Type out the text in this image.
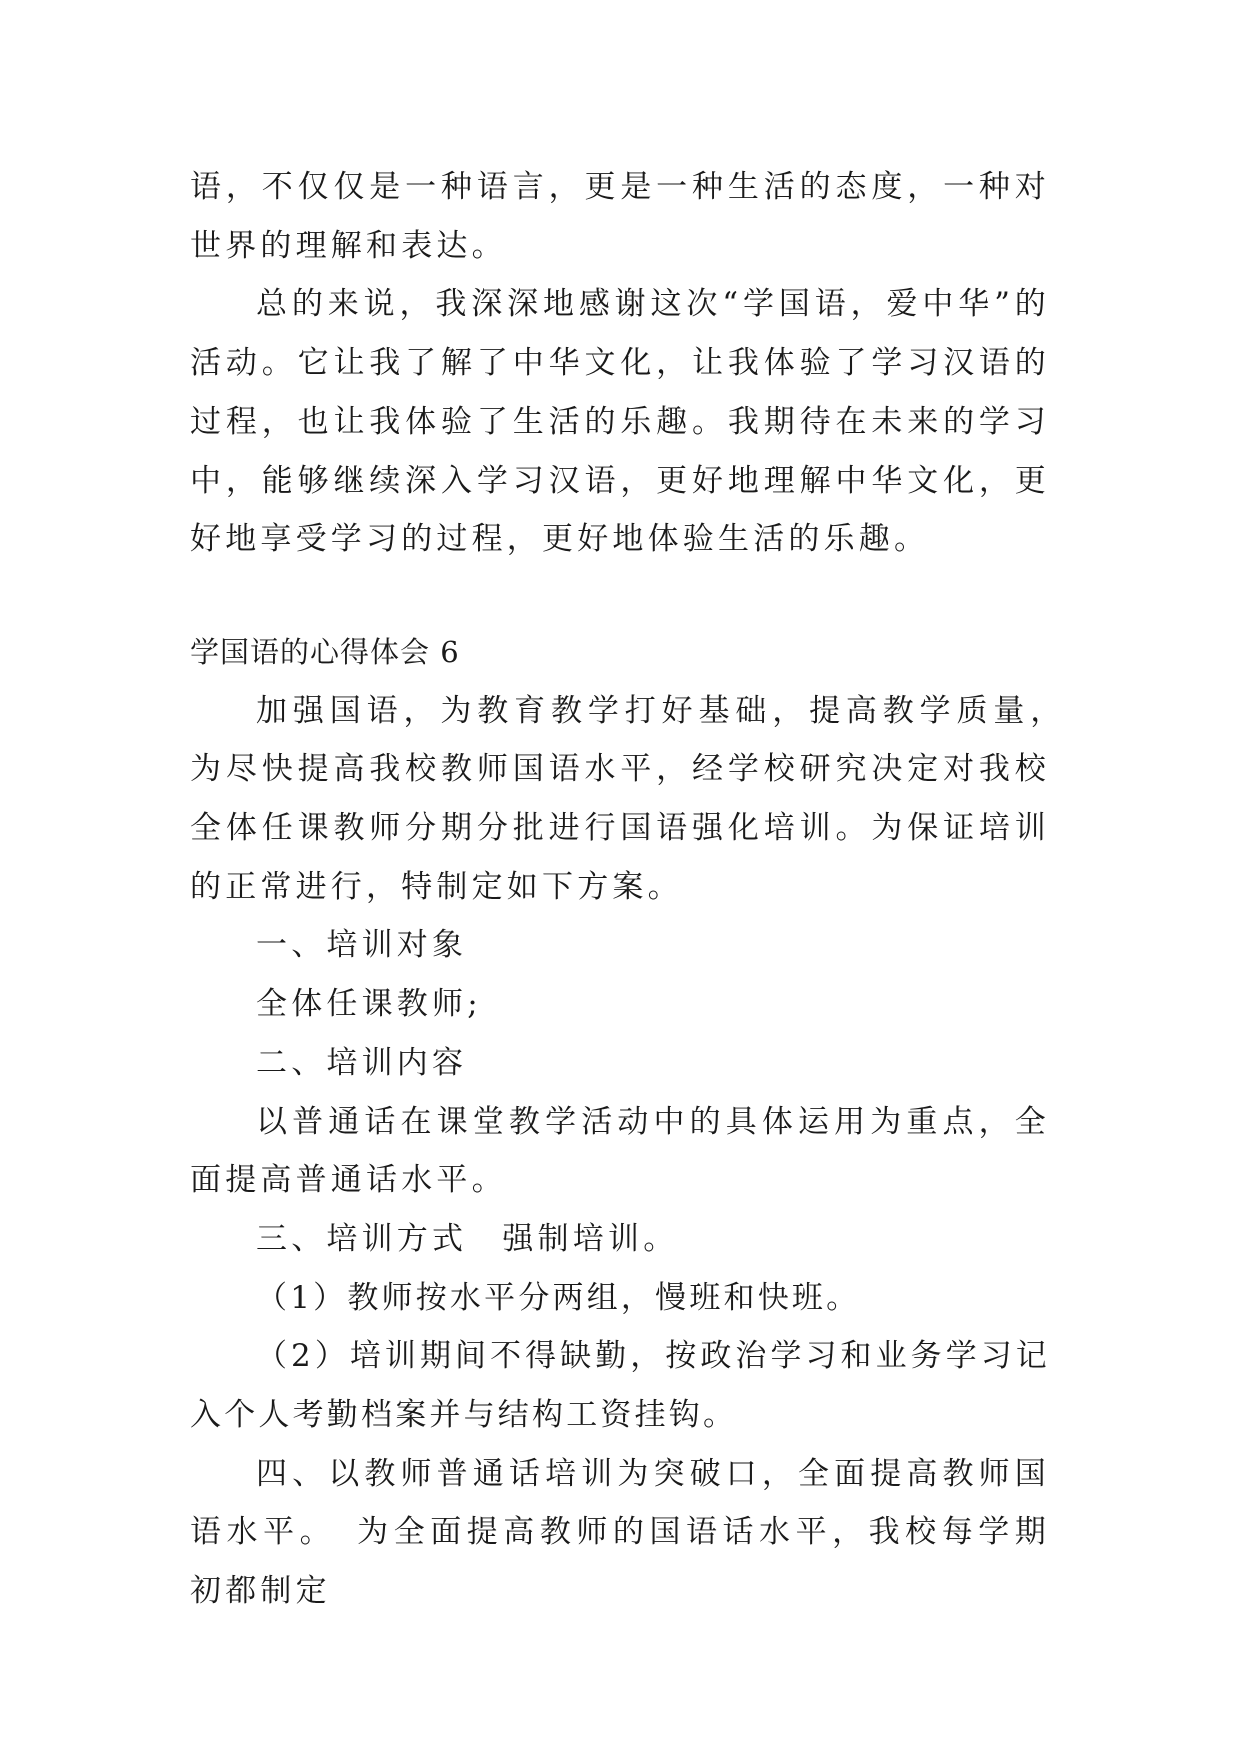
语，不仅仅是一种语言，更是一种生活的态度，一种对世界的理解和表达。

总的来说，我深深地感谢这次“学国语，爱中华”的活动。它让我了解了中华文化，让我体验了学习汉语的过程，也让我体验了生活的乐趣。我期待在未来的学习中，能够继续深入学习汉语，更好地理解中华文化，更好地享受学习的过程，更好地体验生活的乐趣。

学国语的心得体会 6

加强国语，为教育教学打好基础，提高教学质量，　为尽快提高我校教师国语水平，经学校研究决定对我校全体任课教师分期分批进行国语强化培训。为保证培训的正常进行，特制定如下方案。

一、培训对象

全体任课教师;

二、培训内容

以普通话在课堂教学活动中的具体运用为重点，全面提高普通话水平。

三、培训方式　强制培训。

（1）教师按水平分两组，慢班和快班。

（2）培训期间不得缺勤，按政治学习和业务学习记入个人考勤档案并与结构工资挂钩。

四、以教师普通话培训为突破口，全面提高教师国语水平。　为全面提高教师的国语话水平，我校每学期初都制定
